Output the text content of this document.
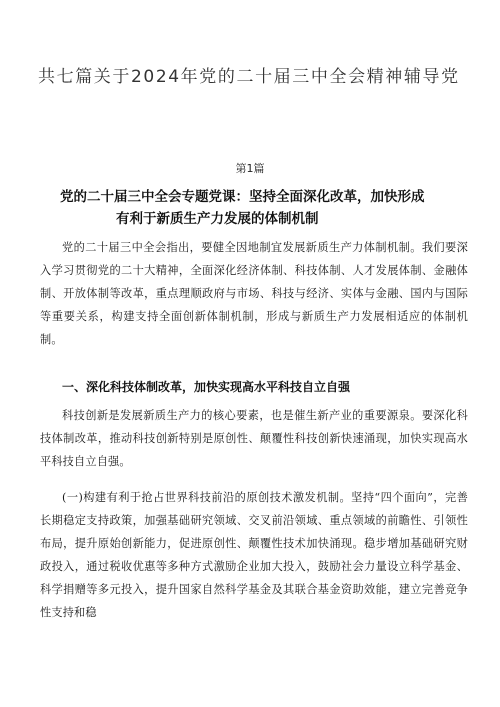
共七篇关于2024年党的二十届三中全会精神辅导党
第1篇
党的二十届三中全会专题党课：坚持全面深化改革，加快形成
有利于新质生产力发展的体制机制

党的二十届三中全会指出，要健全因地制宜发展新质生产力体制机制。我们要深入学习贯彻党的二十大精神，全面深化经济体制、科技体制、人才发展体制、金融体制、开放体制等改革，重点理顺政府与市场、科技与经济、实体与金融、国内与国际等重要关系，构建支持全面创新体制机制，形成与新质生产力发展相适应的体制机制。

一、深化科技体制改革，加快实现高水平科技自立自强

科技创新是发展新质生产力的核心要素，也是催生新产业的重要源泉。要深化科技体制改革，推动科技创新特别是原创性、颠覆性科技创新快速涌现，加快实现高水平科技自立自强。

(一)构建有利于抢占世界科技前沿的原创技术激发机制。坚持“四个面向”，完善长期稳定支持政策，加强基础研究领域、交叉前沿领域、重点领域的前瞻性、引领性布局，提升原始创新能力，促进原创性、颠覆性技术加快涌现。稳步增加基础研究财政投入，通过税收优惠等多种方式激励企业加大投入，鼓励社会力量设立科学基金、科学捐赠等多元投入，提升国家自然科学基金及其联合基金资助效能，建立完善竞争性支持和稳
